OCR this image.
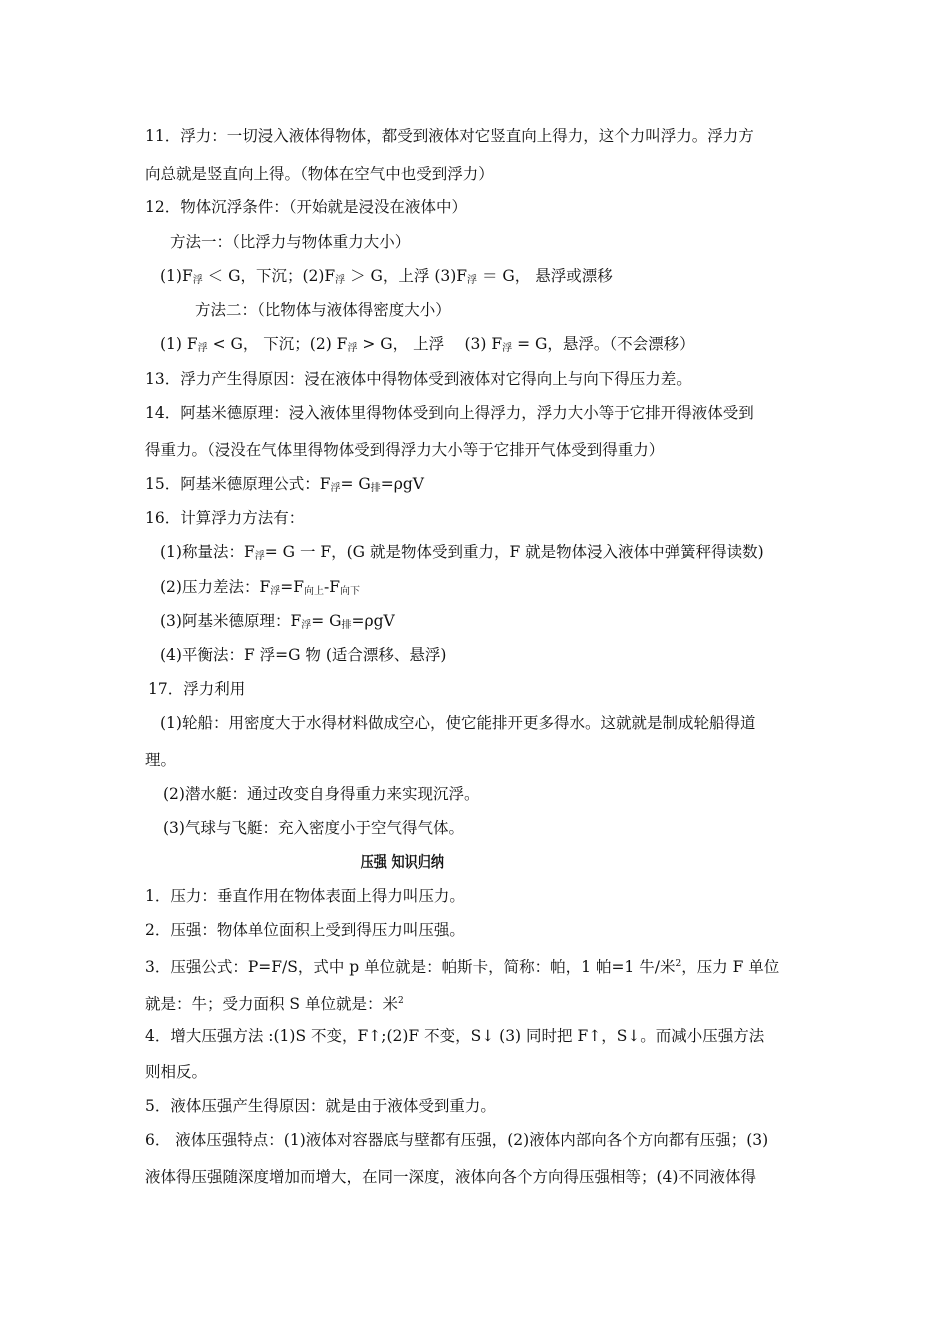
11．浮力：一切浸入液体得物体，都受到液体对它竖直向上得力，这个力叫浮力。浮力方
向总就是竖直向上得。（物体在空气中也受到浮力）
12．物体沉浮条件：（开始就是浸没在液体中）
方法一：（比浮力与物体重力大小）
$(1)F_浮 < G$，下沉；$(2)F_浮 > G$，上浮 $(3)F_浮 = G$， 悬浮或漂移
方法二：（比物体与液体得密度大小）
(1) $F_浮 < G$， 下沉；(2) $F_浮 > G$， 上浮　 (3) $F_浮 = G$，悬浮。（不会漂移）
13．浮力产生得原因：浸在液体中得物体受到液体对它得向上与向下得压力差。
14．阿基米德原理：浸入液体里得物体受到向上得浮力，浮力大小等于它排开得液体受到
得重力。（浸没在气体里得物体受到得浮力大小等于它排开气体受到得重力）
15．阿基米德原理公式：$F_浮= G_排=\rho gV$
16．计算浮力方法有：
(1)称量法：$F_浮= G$ 一 F，(G 就是物体受到重力，F 就是物体浸入液体中弹簧秤得读数)
(2)压力差法：$F_浮=F_{向上}-F_{向下}$
(3)阿基米德原理：$F_浮= G_排=\rho gV$
(4)平衡法：F 浮=G 物 (适合漂移、悬浮)
17．浮力利用
(1)轮船：用密度大于水得材料做成空心，使它能排开更多得水。这就就是制成轮船得道
理。
(2)潜水艇：通过改变自身得重力来实现沉浮。
(3)气球与飞艇：充入密度小于空气得气体。
压强 知识归纳
1．压力：垂直作用在物体表面上得力叫压力。
2．压强：物体单位面积上受到得压力叫压强。
3．压强公式：P=F/S，式中 p 单位就是：帕斯卡，简称：帕，1 帕=1 牛/米$^2$，压力 F 单位
就是：牛；受力面积 S 单位就是：米$^2$
4．增大压强方法 :(1)S 不变，F↑;(2)F 不变，S↓ (3) 同时把 F↑，S↓。而减小压强方法
则相反。
5．液体压强产生得原因：就是由于液体受到重力。
6． 液体压强特点：(1)液体对容器底与壁都有压强，(2)液体内部向各个方向都有压强；(3)
液体得压强随深度增加而增大，在同一深度，液体向各个方向得压强相等；(4)不同液体得
